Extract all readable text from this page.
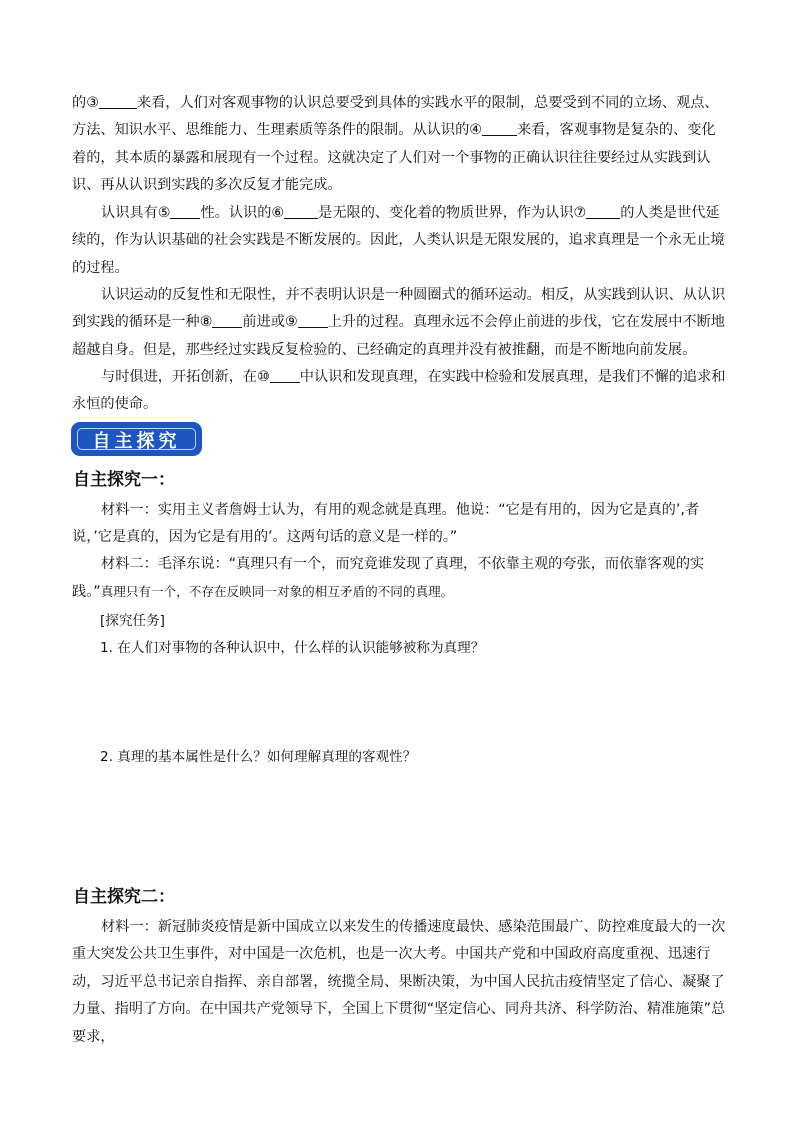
的③	来看，人们对客观事物的认识总要受到具体的实践水平的限制，总要受到不同的立场、观点、方法、知识水平、思维能力、生理素质等条件的限制。从认识的④ 来看，客观事物是复杂的、变化着的，其本质的暴露和展现有一个过程。这就决定了人们对一个事物的正确认识往往要经过从实践到认识、再从认识到实践的多次反复才能完成。

认识具有⑤ 性。认识的⑥ 是无限的、变化着的物质世界，作为认识⑦ 的人类是世代延续的，作为认识基础的社会实践是不断发展的。因此，人类认识是无限发展的，追求真理是一个永无止境的过程。

认识运动的反复性和无限性，并不表明认识是一种圆圈式的循环运动。相反，从实践到认识、从认识到实践的循环是一种⑧ 前进或⑨ 上升的过程。真理永远不会停止前进的步伐，它在发展中不断地超越自身。但是，那些经过实践反复检验的、已经确定的真理并没有被推翻，而是不断地向前发展。

与时俱进，开拓创新，在⑩ 中认识和发现真理，在实践中检验和发展真理，是我们不懈的追求和永恒的使命。

自主探究
自主探究一：

材料一：实用主义者詹姆士认为，有用的观念就是真理。他说：“它是有用的，因为它是真的’,者说，’它是真的，因为它是有用的’。这两句话的意义是一样的。”

材料二：毛泽东说：“真理只有一个，而究竟谁发现了真理，不依靠主观的夸张，而依靠客观的实践。”真理只有一个，不存在反映同一对象的相互矛盾的不同的真理。

[探究任务]
1. 在人们对事物的各种认识中，什么样的认识能够被称为真理？
2. 真理的基本属性是什么？如何理解真理的客观性？
自主探究二：

材料一：新冠肺炎疫情是新中国成立以来发生的传播速度最快、感染范围最广、防控难度最大的一次重大突发公共卫生事件，对中国是一次危机，也是一次大考。中国共产党和中国政府高度重视、迅速行动，习近平总书记亲自指挥、亲自部署，统揽全局、果断决策，为中国人民抗击疫情坚定了信心、凝聚了力量、指明了方向。在中国共产党领导下，全国上下贯彻“坚定信心、同舟共济、科学防治、精准施策”总要求，
